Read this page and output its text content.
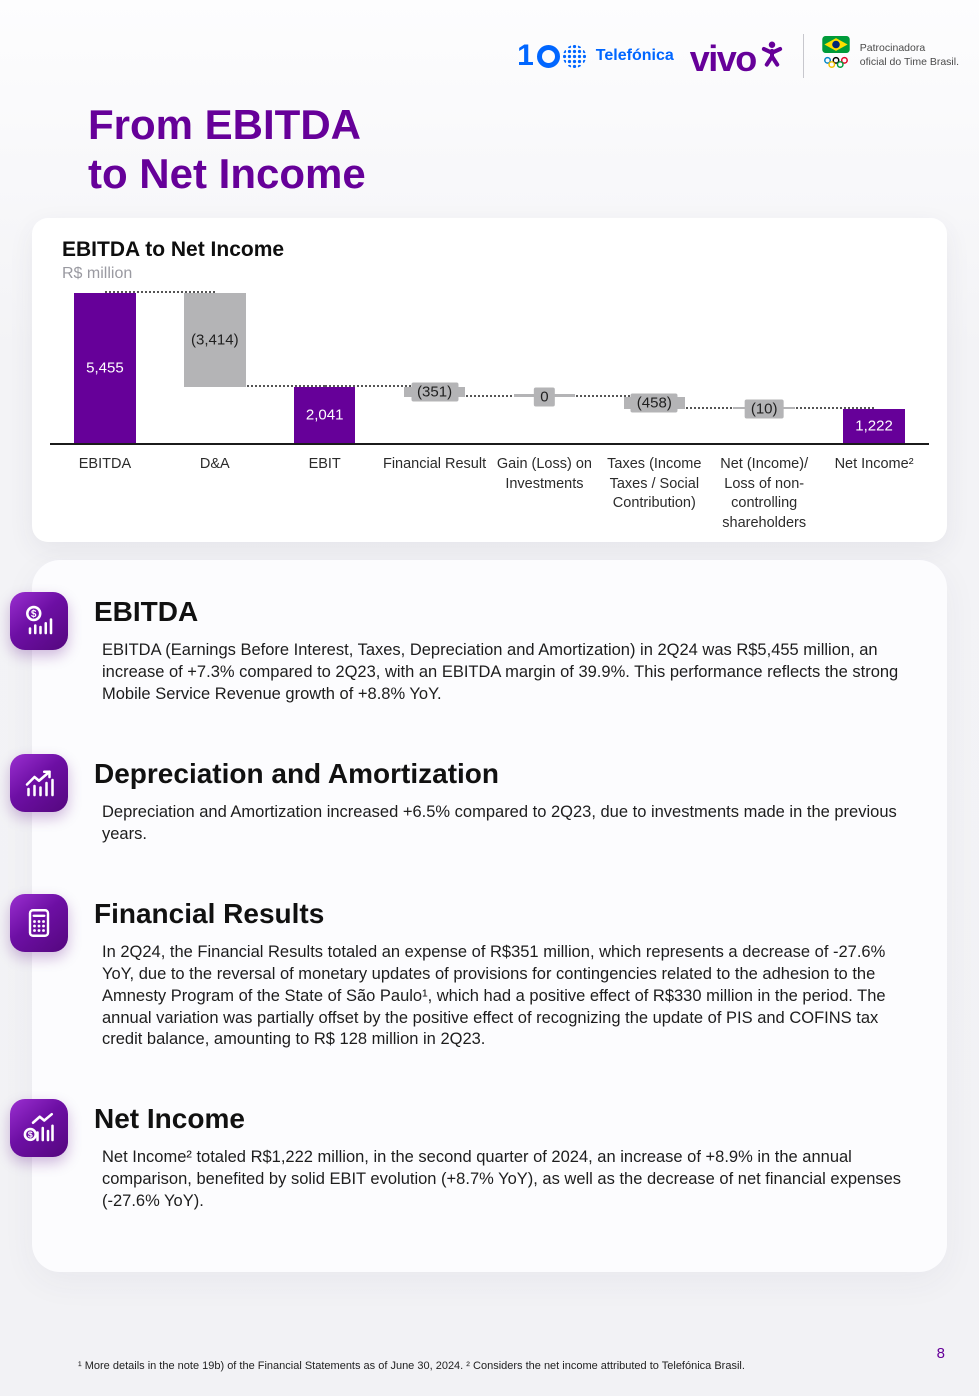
1	Telefónica vivo	Patrocinadora
oficial do Time Brasil.
From EBITDA
to Net Income
EBITDA to Net Income
R$ million
5,455
(3,414)
2,041
(351)	0	(458)	(10)
1,222
EBITDA	D&A	EBIT	Financial Result Gain (Loss) on Investments
Taxes (Income Taxes / Social Contribution)
Net (Income)/ Loss of non-controlling shareholders
Net Income²
$ EBITDA

EBITDA (Earnings Before Interest, Taxes, Depreciation and Amortization) in 2Q24 was R$5,455 million, an increase of +7.3% compared to 2Q23, with an EBITDA margin of 39.9%. This performance reflects the strong Mobile Service Revenue growth of +8.8% YoY.

Depreciation and Amortization

Depreciation and Amortization increased +6.5% compared to 2Q23, due to investments made in the previous years.

Financial Results

In 2Q24, the Financial Results totaled an expense of R$351 million, which represents a decrease of -27.6% YoY, due to the reversal of monetary updates of provisions for contingencies related to the adhesion to the Amnesty Program of the State of São Paulo¹, which had a positive effect of R$330 million in the period. The annual variation was partially offset by the positive effect of recognizing the update of PIS and COFINS tax credit balance, amounting to R$ 128 million in 2Q23.

$
Net Income

Net Income² totaled R$1,222 million, in the second quarter of 2024, an increase of +8.9% in the annual comparison, benefited by solid EBIT evolution (+8.7% YoY), as well as the decrease of net financial expenses (-27.6% YoY).

¹ More details in the note 19b) of the Financial Statements as of June 30, 2024. ² Considers the net income attributed to Telefónica Brasil.

8
